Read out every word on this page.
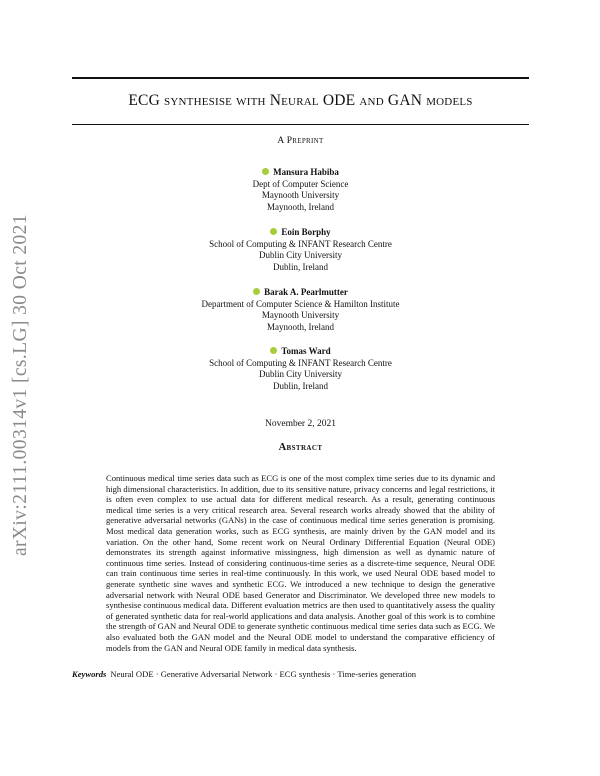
arXiv:2111.00314v1 [cs.LG] 30 Oct 2021
ECG synthesise with Neural ODE and GAN models
A Preprint
Mansura Habiba
Dept of Computer Science
Maynooth University
Maynooth, Ireland
Eoin Borphy
School of Computing & INFANT Research Centre
Dublin City University
Dublin, Ireland
Barak A. Pearlmutter
Department of Computer Science & Hamilton Institute
Maynooth University
Maynooth, Ireland
Tomas Ward
School of Computing & INFANT Research Centre
Dublin City University
Dublin, Ireland
November 2, 2021
Abstract

Continuous medical time series data such as ECG is one of the most complex time series due to its dynamic and high dimensional characteristics. In addition, due to its sensitive nature, privacy concerns and legal restrictions, it is often even complex to use actual data for different medical research. As a result, generating continuous medical time series is a very critical research area. Several research works already showed that the ability of generative adversarial networks (GANs) in the case of continuous medical time series generation is promising. Most medical data generation works, such as ECG synthesis, are mainly driven by the GAN model and its variation. On the other hand, Some recent work on Neural Ordinary Differential Equation (Neural ODE) demonstrates its strength against informative missingness, high dimension as well as dynamic nature of continuous time series. Instead of considering continuous-time series as a discrete-time sequence, Neural ODE can train continuous time series in real-time continuously. In this work, we used Neural ODE based model to generate synthetic sine waves and synthetic ECG. We introduced a new technique to design the generative adversarial network with Neural ODE based Generator and Discriminator. We developed three new models to synthesise continuous medical data. Different evaluation metrics are then used to quantitatively assess the quality of generated synthetic data for real-world applications and data analysis. Another goal of this work is to combine the strength of GAN and Neural ODE to generate synthetic continuous medical time series data such as ECG. We also evaluated both the GAN model and the Neural ODE model to understand the comparative efficiency of models from the GAN and Neural ODE family in medical data synthesis.

Keywords Neural ODE · Generative Adversarial Network · ECG synthesis · Time-series generation
